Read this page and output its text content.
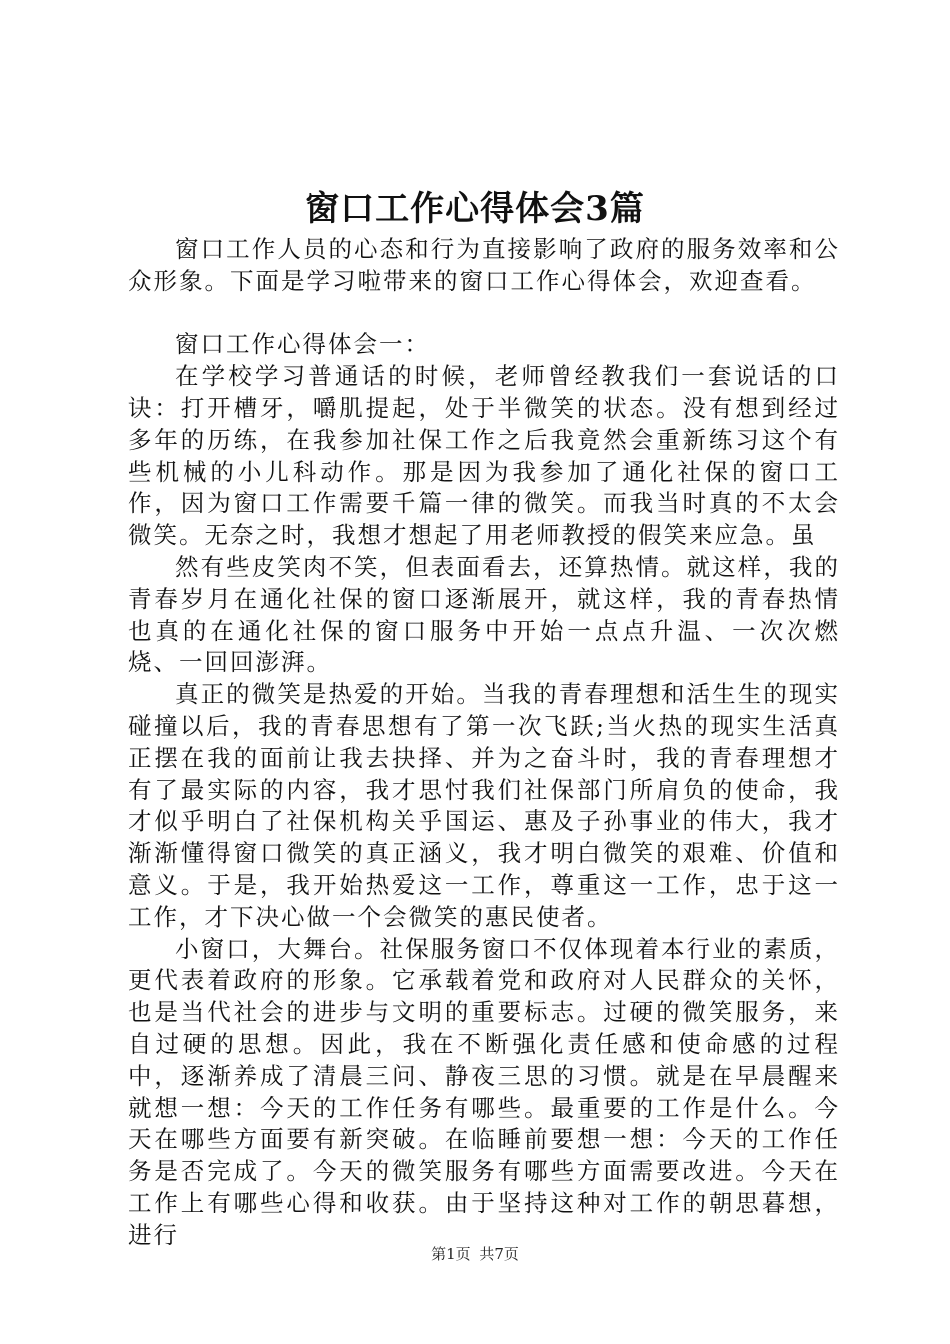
窗口工作心得体会3篇

窗口工作人员的心态和行为直接影响了政府的服务效率和公众形象。下面是学习啦带来的窗口工作心得体会，欢迎查看。

窗口工作心得体会一：

在学校学习普通话的时候，老师曾经教我们一套说话的口诀：打开槽牙，嚼肌提起，处于半微笑的状态。没有想到经过多年的历练，在我参加社保工作之后我竟然会重新练习这个有些机械的小儿科动作。那是因为我参加了通化社保的窗口工作，因为窗口工作需要千篇一律的微笑。而我当时真的不太会微笑。无奈之时，我想才想起了用老师教授的假笑来应急。虽

然有些皮笑肉不笑，但表面看去，还算热情。就这样，我的青春岁月在通化社保的窗口逐渐展开，就这样，我的青春热情也真的在通化社保的窗口服务中开始一点点升温、一次次燃烧、一回回澎湃。

真正的微笑是热爱的开始。当我的青春理想和活生生的现实碰撞以后，我的青春思想有了第一次飞跃;当火热的现实生活真正摆在我的面前让我去抉择、并为之奋斗时，我的青春理想才有了最实际的内容，我才思忖我们社保部门所肩负的使命，我才似乎明白了社保机构关乎国运、惠及子孙事业的伟大，我才渐渐懂得窗口微笑的真正涵义，我才明白微笑的艰难、价值和意义。于是，我开始热爱这一工作，尊重这一工作，忠于这一工作，才下决心做一个会微笑的惠民使者。

小窗口，大舞台。社保服务窗口不仅体现着本行业的素质，更代表着政府的形象。它承载着党和政府对人民群众的关怀，也是当代社会的进步与文明的重要标志。过硬的微笑服务，来自过硬的思想。因此，我在不断强化责任感和使命感的过程中，逐渐养成了清晨三问、静夜三思的习惯。就是在早晨醒来就想一想：今天的工作任务有哪些。最重要的工作是什么。今天在哪些方面要有新突破。在临睡前要想一想：今天的工作任务是否完成了。今天的微笑服务有哪些方面需要改进。今天在工作上有哪些心得和收获。由于坚持这种对工作的朝思暮想，进行

第1页 共7页
